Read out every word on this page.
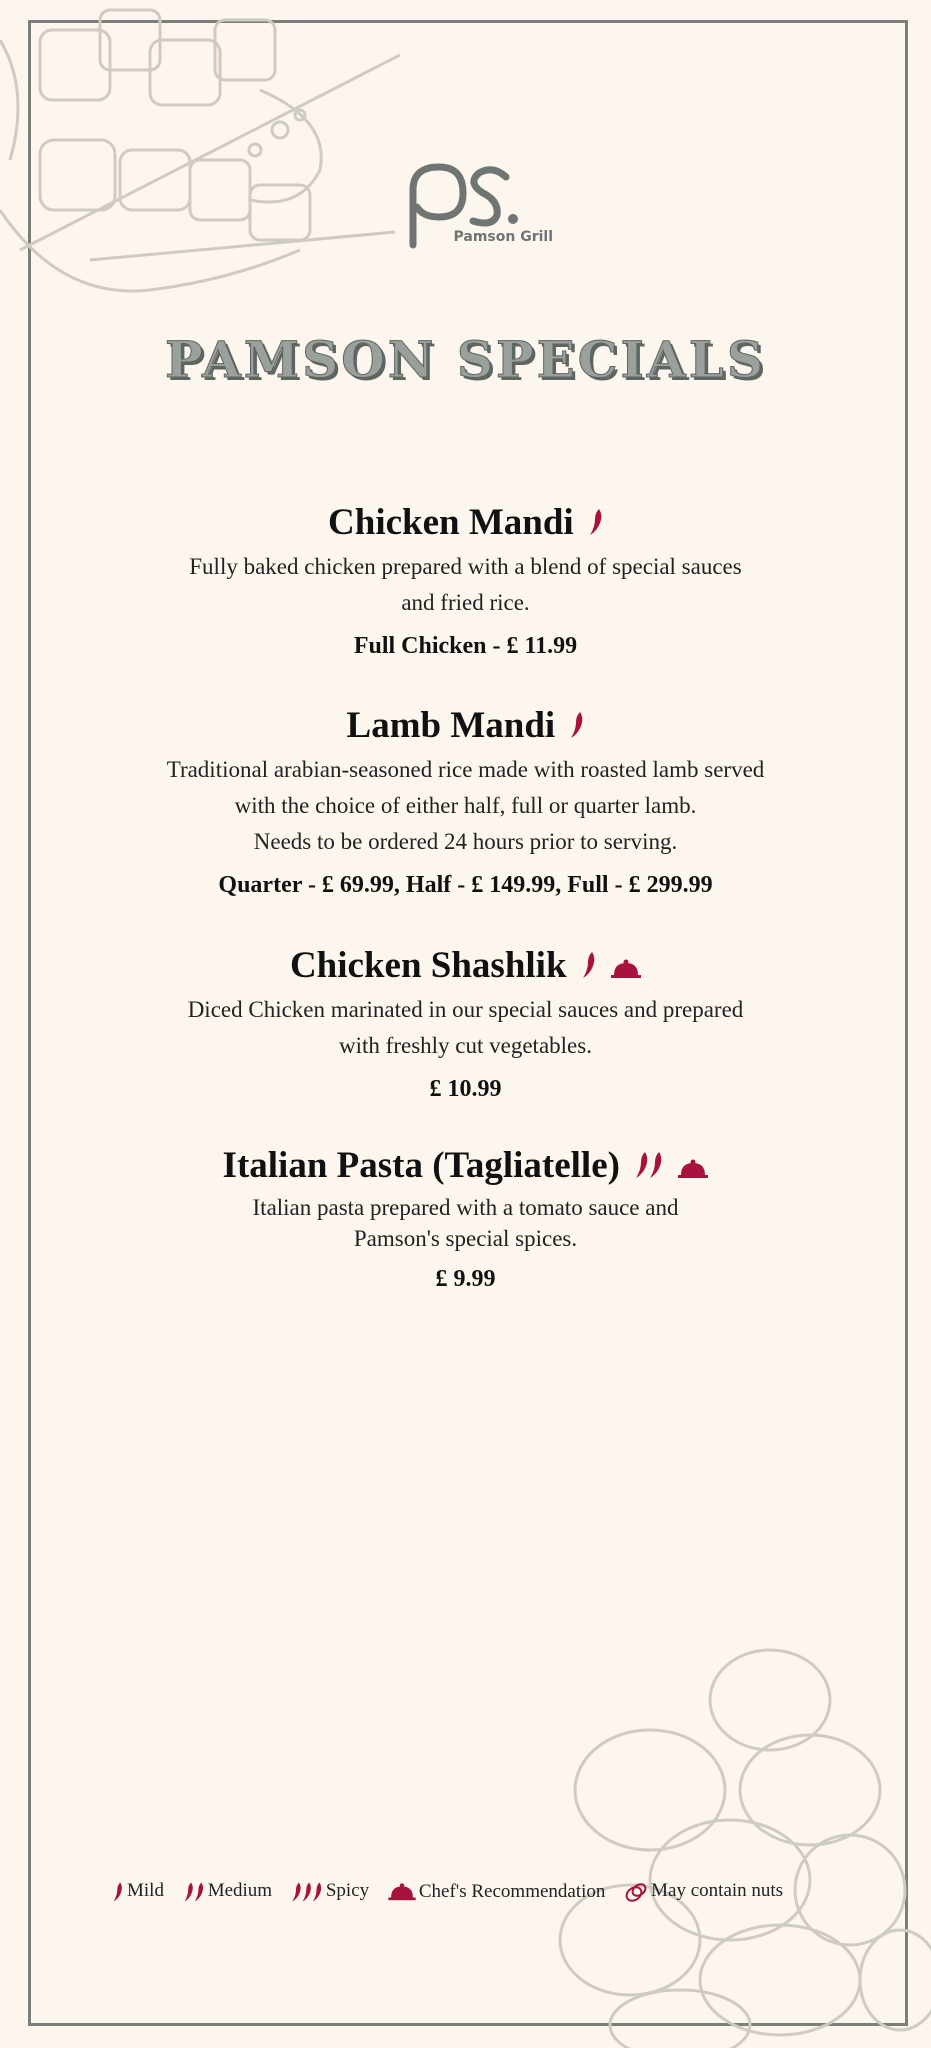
Pamson Grill
PAMSON SPECIALS
Chicken Mandi
Fully baked chicken prepared with a blend of special sauces
and fried rice.
Full Chicken - £ 11.99
Lamb Mandi
Traditional arabian-seasoned rice made with roasted lamb served
with the choice of either half, full or quarter lamb.
Needs to be ordered 24 hours prior to serving.
Quarter - £ 69.99, Half - £ 149.99, Full - £ 299.99
Chicken Shashlik
Diced Chicken marinated in our special sauces and prepared
with freshly cut vegetables.
£ 10.99
Italian Pasta (Tagliatelle)
Italian pasta prepared with a tomato sauce and
Pamson's special spices.
£ 9.99
Mild Medium	Spicy	Chef's Recommendation May contain nuts
